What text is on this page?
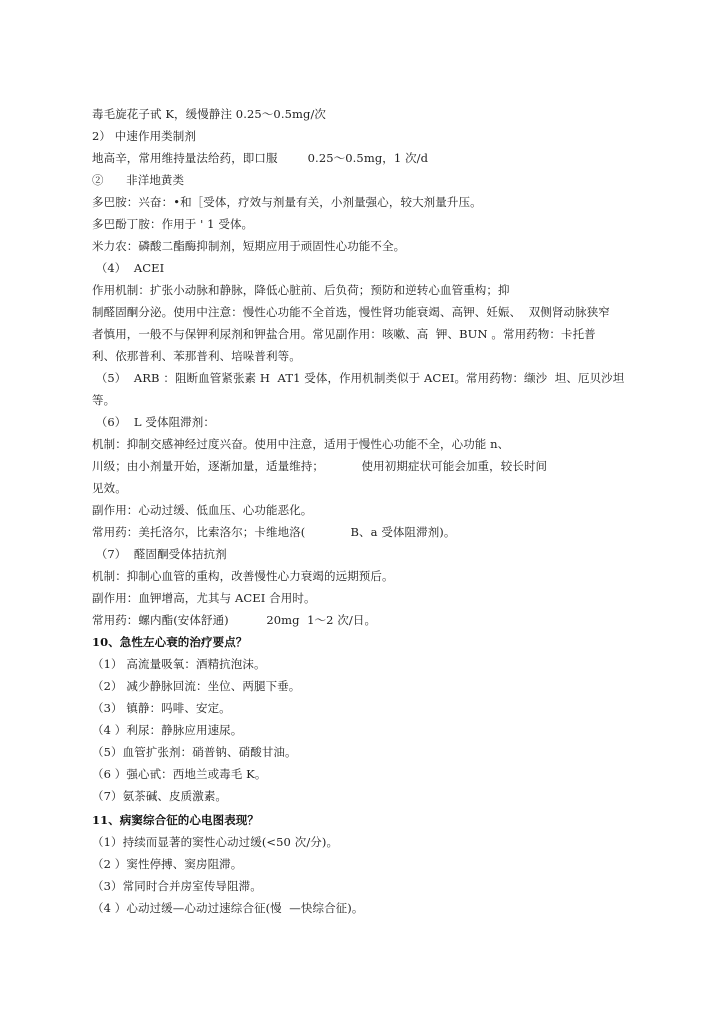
毒毛旋花子甙 K，缓慢静注 0.25～0.5mg/次
2） 中速作用类制剂
地高辛，常用维持量法给药，即口服        0.25～0.5mg，1 次/d
②      非洋地黄类
多巴胺：兴奋：•和［受体，疗效与剂量有关，小剂量强心，较大剂量升压。
多巴酚丁胺：作用于 ' 1 受体。
米力农：磷酸二酯酶抑制剂，短期应用于顽固性心功能不全。
（4）  ACEI
作用机制：扩张小动脉和静脉，降低心脏前、后负荷；预防和逆转心血管重构；抑
制醛固酮分泌。使用中注意：慢性心功能不全首选，慢性肾功能衰竭、高钾、妊娠、  双侧肾动脉狭窄
者慎用，一般不与保钾利尿剂和钾盐合用。常见副作用：咳嗽、高  钾、BUN 。常用药物：卡托普
利、依那普利、苯那普利、培哚普利等。
（5）  ARB ：阻断血管紧张素 H  AT1 受体，作用机制类似于 ACEI。常用药物：缬沙  坦、厄贝沙坦
等。
（6）  L 受体阻滞剂：
机制：抑制交感神经过度兴奋。使用中注意，适用于慢性心功能不全，心功能 n、
川级；由小剂量开始，逐渐加量，适量维持；          使用初期症状可能会加重，较长时间
见效。
副作用：心动过缓、低血压、心功能恶化。
常用药：美托洛尔，比索洛尔；卡维地洛(            B、a 受体阻滞剂)。
（7）  醛固酮受体拮抗剂
机制：抑制心血管的重构，改善慢性心力衰竭的远期预后。
副作用：血钾增高，尤其与 ACEI 合用时。
常用药：螺内酯(安体舒通)          20mg  1～2 次/日。
10、急性左心衰的治疗要点？
（1） 高流量吸氧：酒精抗泡沫。
（2） 减少静脉回流：坐位、两腿下垂。
（3） 镇静：吗啡、安定。
（4 ）利尿：静脉应用速尿。
（5）血管扩张剂：硝普钠、硝酸甘油。
（6 ）强心甙：西地兰或毒毛 K。
（7）氨茶碱、皮质激素。
11、病窦综合征的心电图表现？
（1）持续而显著的窦性心动过缓(<50 次/分)。
（2 ）窦性停搏、窦房阻滞。
（3）常同时合并房室传导阻滞。
（4 ）心动过缓—心动过速综合征(慢  —快综合征)。
